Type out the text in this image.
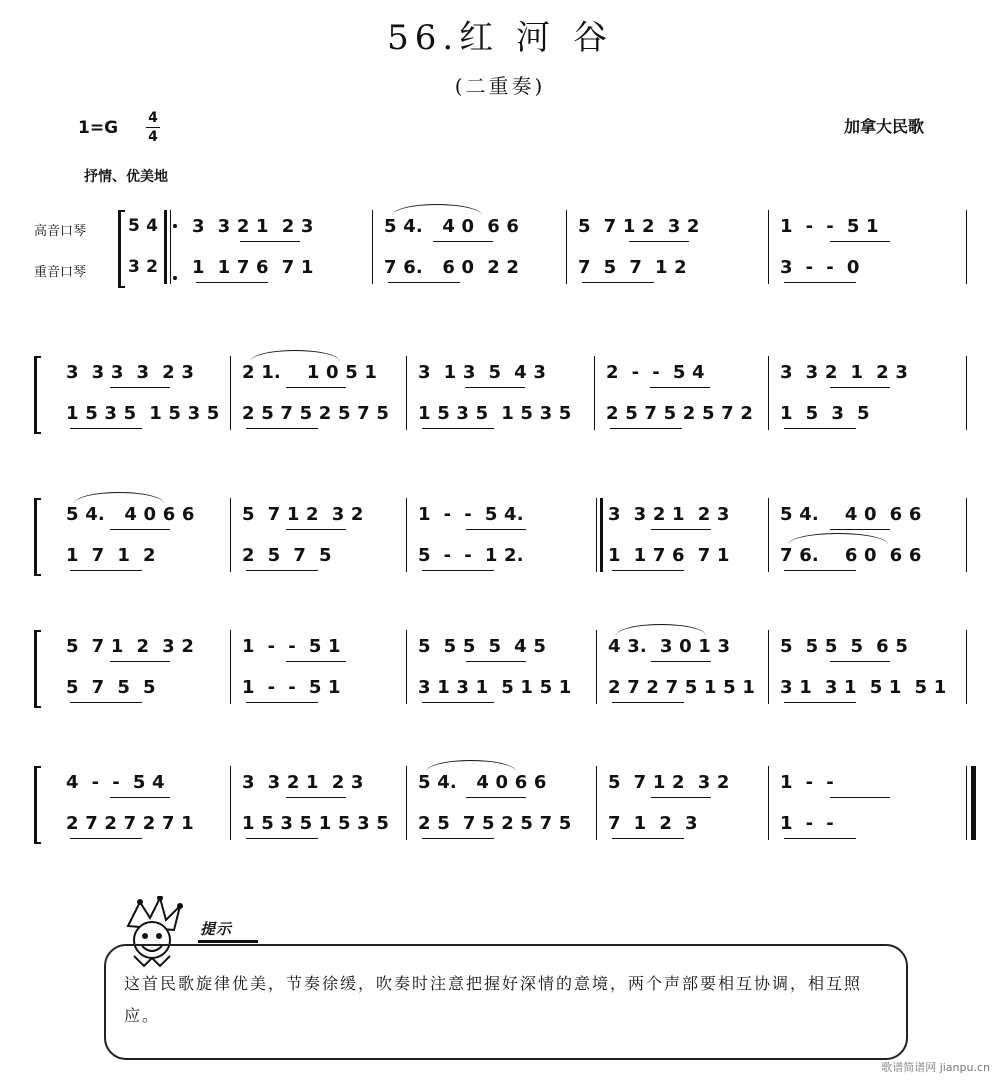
56.红 河 谷
(二重奏)
1=G 4
4
加拿大民歌
抒情、优美地
高音口琴
重音口琴
5 4
3 2
3  3 2 1  2 3
1  1 7 6  7 1
5 4.   4 0  6 6
7 6.   6 0  2 2
5  7 1 2  3 2
7  5  7  1 2
1  -  -  5 1
3  -  -  0
3  3 3  3  2 3
1 5 3 5  1 5 3 5
2 1.    1 0 5 1
2 5 7 5 2 5 7 5
3  1 3  5  4 3
1 5 3 5  1 5 3 5
2  -  -  5 4
2 5 7 5 2 5 7 2
3  3 2  1  2 3
1  5  3  5
5 4.   4 0 6 6
1  7  1  2
5  7 1 2  3 2
2  5  7  5
1  -  -  5 4.
5  -  -  1 2.
3  3 2 1  2 3
1  1 7 6  7 1
5 4.    4 0  6 6
7 6.    6 0  6 6
5  7 1  2  3 2
5  7  5  5
1  -  -  5 1
1  -  -  5 1
5  5 5  5  4 5
3 1 3 1  5 1 5 1
4 3.  3 0 1 3
2 7 2 7 5 1 5 1
5  5 5  5  6 5
3 1  3 1  5 1  5 1
4  -  -  5 4
2 7 2 7 2 7 1
3  3 2 1  2 3
1 5 3 5 1 5 3 5
5 4.   4 0 6 6
2 5  7 5 2 5 7 5
5  7 1 2  3 2
7  1  2  3
1  -  -
1  -  -
提示
这首民歌旋律优美，节奏徐缓，吹奏时注意把握好深情的意境，两个声部要相互协调，相互照应。
歌谱简谱网 jianpu.cn
